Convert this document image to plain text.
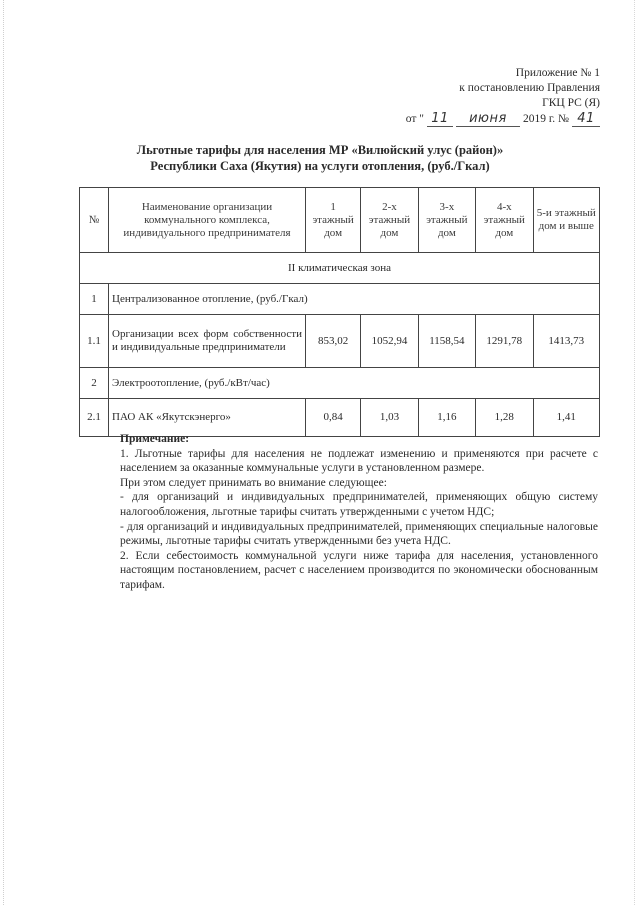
Приложение № 1
к постановлению Правления
ГКЦ РС (Я)
от " 11	июня	2019 г. № 41
Льготные тарифы для населения МР «Вилюйский улус (район)»
Республики Саха (Якутия) на услуги отопления, (руб./Гкал)
№	Наименование организации коммунального комплекса, индивидуального предпринимателя	1 этажный дом	2-х этажный дом	3-х этажный дом	4-х этажный дом	5-и этажный дом и выше
II климатическая зона						
1	Централизованное отопление, (руб./Гкал)					
1.1	Организации всех форм собственности и индивидуальные предприниматели	853,02	1052,94	1158,54	1291,78	1413,73
2	Электроотопление, (руб./кВт/час)					
2.1	ПАО АК «Якутскэнерго»	0,84	1,03	1,16	1,28	1,41

Примечание:

1. Льготные тарифы для населения не подлежат изменению и применяются при расчете с населением за оказанные коммунальные услуги в установленном размере.

При этом следует принимать во внимание следующее:

- для организаций и индивидуальных предпринимателей, применяющих общую систему налогообложения, льготные тарифы считать утвержденными с учетом НДС;

- для организаций и индивидуальных предпринимателей, применяющих специальные налоговые режимы, льготные тарифы считать утвержденными без учета НДС.

2. Если себестоимость коммунальной услуги ниже тарифа для населения, установленного настоящим постановлением, расчет с населением производится по экономически обоснованным тарифам.
